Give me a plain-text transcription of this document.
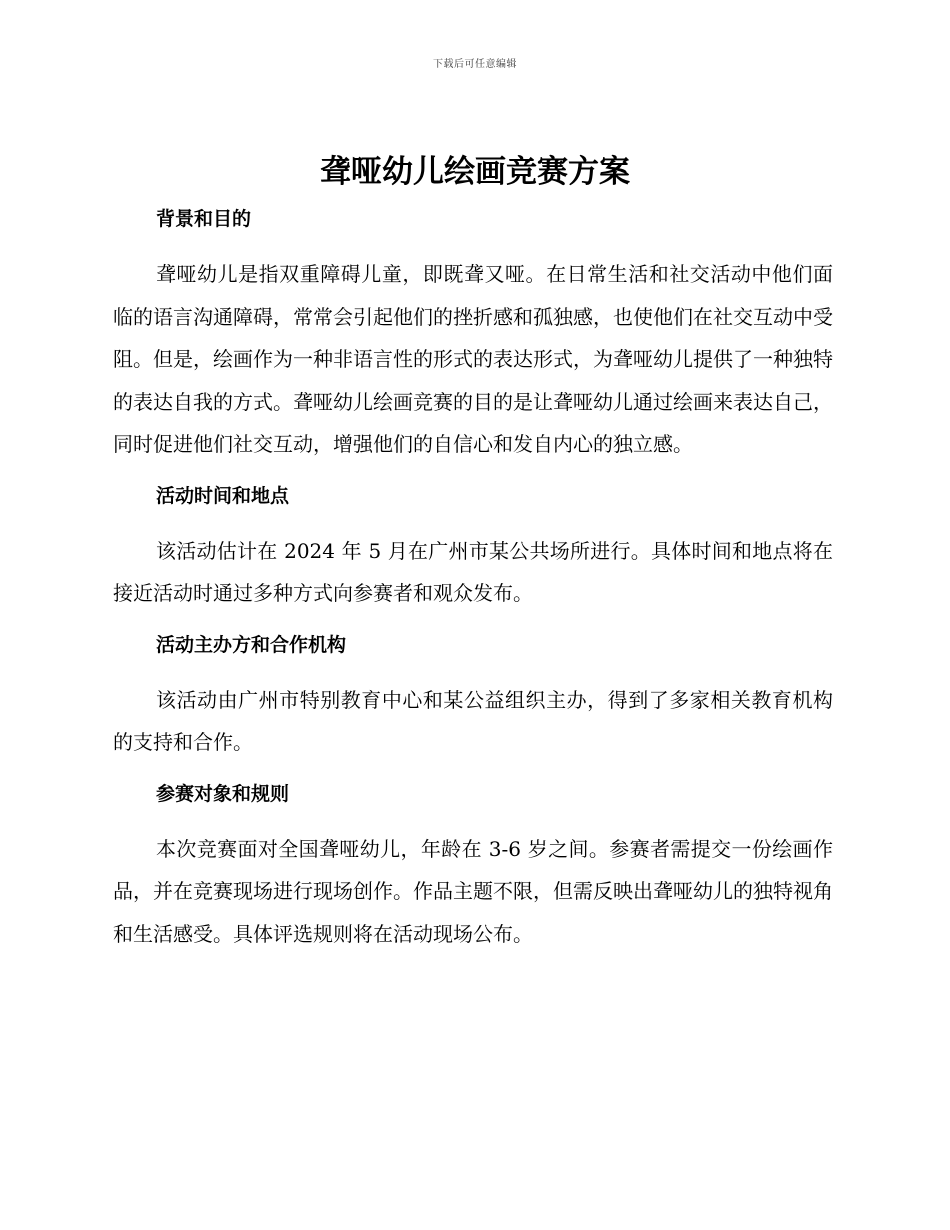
下载后可任意编辑
聋哑幼儿绘画竞赛方案
背景和目的

聋哑幼儿是指双重障碍儿童，即既聋又哑。在日常生活和社交活动中他们面临的语言沟通障碍，常常会引起他们的挫折感和孤独感，也使他们在社交互动中受阻。但是，绘画作为一种非语言性的形式的表达形式，为聋哑幼儿提供了一种独特的表达自我的方式。聋哑幼儿绘画竞赛的目的是让聋哑幼儿通过绘画来表达自己，同时促进他们社交互动，增强他们的自信心和发自内心的独立感。

活动时间和地点

该活动估计在 2024 年 5 月在广州市某公共场所进行。具体时间和地点将在接近活动时通过多种方式向参赛者和观众发布。

活动主办方和合作机构

该活动由广州市特别教育中心和某公益组织主办，得到了多家相关教育机构的支持和合作。

参赛对象和规则

本次竞赛面对全国聋哑幼儿，年龄在 3-6 岁之间。参赛者需提交一份绘画作品，并在竞赛现场进行现场创作。作品主题不限，但需反映出聋哑幼儿的独特视角和生活感受。具体评选规则将在活动现场公布。
